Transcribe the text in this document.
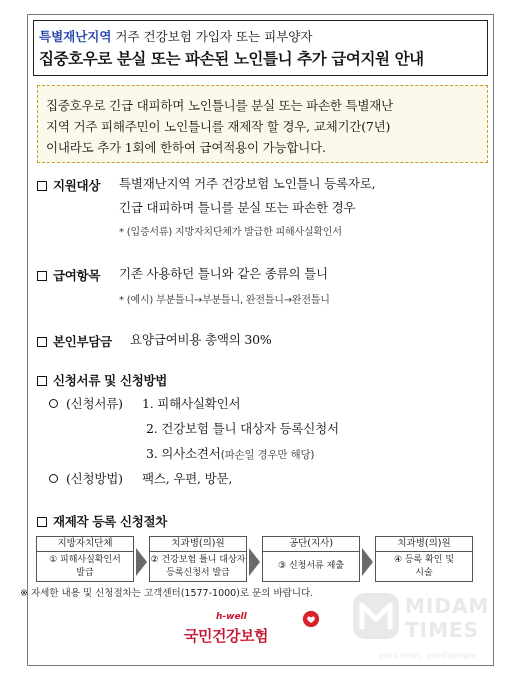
특별재난지역 거주 건강보험 가입자 또는 피부양자
집중호우로 분실 또는 파손된 노인틀니 추가 급여지원 안내
집중호우로 긴급 대피하며 노인틀니를 분실 또는 파손한 특별재난
지역 거주 피해주민이 노인틀니를 재제작 할 경우, 교체기간(7년)
이내라도 추가 1회에 한하여 급여적용이 가능합니다.
지원대상 특별재난지역 거주 건강보험 노인틀니 등록자로,
긴급 대피하며 틀니를 분실 또는 파손한 경우
* (입증서류) 지방자치단체가 발급한 피해사실확인서
급여항목 기존 사용하던 틀니와 같은 종류의 틀니
* (예시) 부분틀니→부분틀니, 완전틀니→완전틀니
본인부담금 요양급여비용 총액의 30%
신청서류 및 신청방법
(신청서류) 1. 피해사실확인서
2. 건강보험 틀니 대상자 등록신청서
3. 의사소견서(파손일 경우만 해당)
(신청방법) 팩스, 우편, 방문,
재제작 등록 신청절차
지방자치단체
① 피해사실확인서
발급
치과병(의)원
② 건강보험 틀니 대상자
등록신청서 발급
공단(지사)
③ 신청서류 제출
치과병(의)원
④ 등록 확인 및
시술
※ 자세한 내용 및 신청절차는 고객센터(1577-1000)로 문의 바랍니다.
h-well
국민건강보험
MIDAM
TIMES
good news, good people
